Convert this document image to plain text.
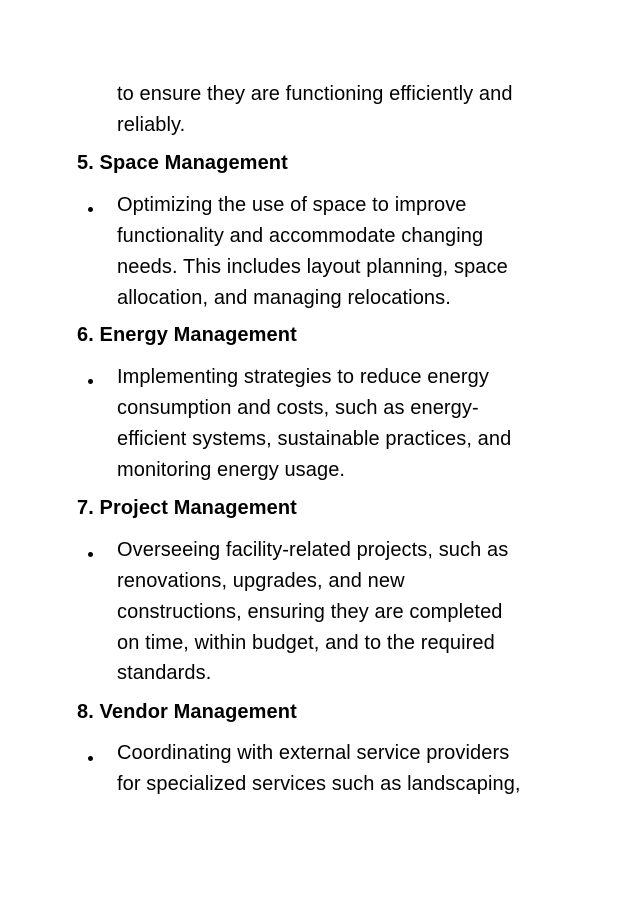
to ensure they are functioning efficiently and
reliably.
5. Space Management
Optimizing the use of space to improve
functionality and accommodate changing
needs. This includes layout planning, space
allocation, and managing relocations.
6. Energy Management
Implementing strategies to reduce energy
consumption and costs, such as energy-
efficient systems, sustainable practices, and
monitoring energy usage.
7. Project Management
Overseeing facility-related projects, such as
renovations, upgrades, and new
constructions, ensuring they are completed
on time, within budget, and to the required
standards.
8. Vendor Management
Coordinating with external service providers
for specialized services such as landscaping,
